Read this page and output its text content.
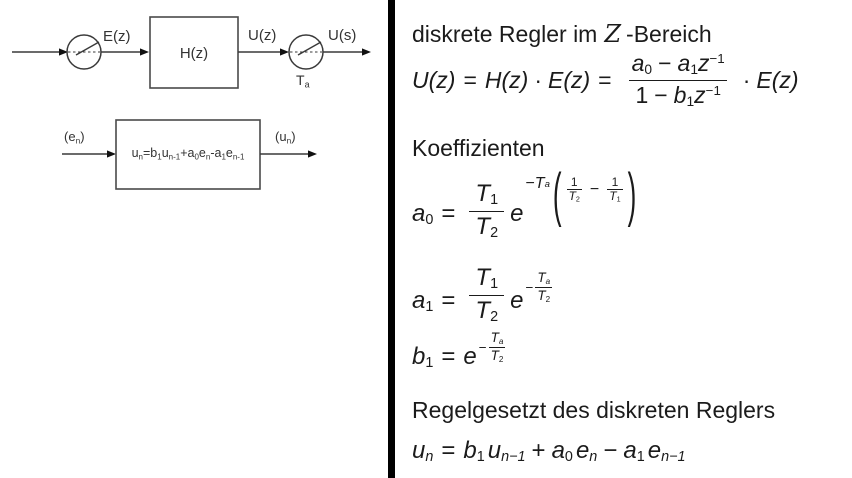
E(z)
H(z)
U(z)	U(s)
Ta
(en)	(un)
un=b1un-1+a0en-a1en-1
diskrete Regler im Z -Bereich
$U(z) = H(z) \cdot E(z) = \frac{a0 - a1z^{-1}}{1 - b1z^{-1}} \cdot E(z)$
Koeffizienten
$a0 = \frac{T1}{T2}$ e
− T a ( 1
T2
− $\frac{1}{T1}$ )
$a1 = \frac{T1}{T2}$ $e - \frac{Ta}{T2}$
$b1 = e - \frac{Ta}{T2}$
Regelgesetzt des diskreten Reglers
un = b1 un−1 + a0 en − a1 en−1
